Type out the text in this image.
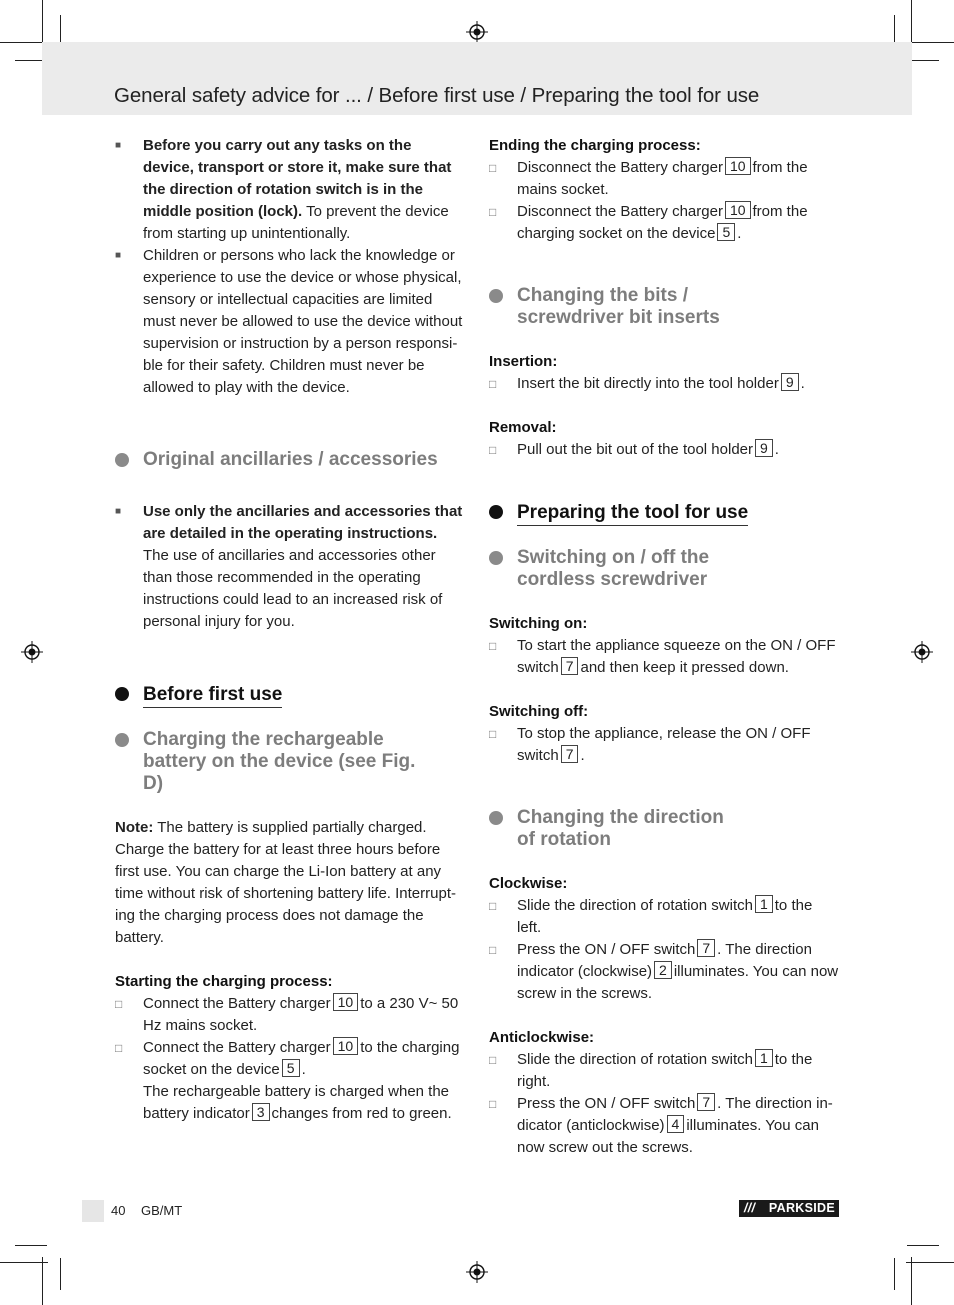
General safety advice for ... / Before first use / Preparing the tool for use
■ Before you carry out any tasks on the device, transport or store it, make sure that the direction of rotation switch is in the middle position (lock). To prevent the device from starting up unintentionally.
■ Children or persons who lack the knowledge or experience to use the device or whose physical, sensory or intellectual capacities are limited must never be allowed to use the device without supervision or instruction by a person responsible for their safety. Children must never be allowed to play with the device.
Original ancillaries / accessories
■ Use only the ancillaries and accessories that are detailed in the operating instructions. The use of ancillaries and accessories other than those recommended in the operating instructions could lead to an increased risk of personal injury for you.
Before first use
Charging the rechargeable battery on the device (see Fig. D)
Note: The battery is supplied partially charged. Charge the battery for at least three hours before first use. You can charge the Li-Ion battery at any time without risk of shortening battery life. Interrupting the charging process does not damage the battery.
Starting the charging process:
□ Connect the Battery charger 10 to a 230 V~ 50 Hz mains socket.
□ Connect the Battery charger 10 to the charging socket on the device 5 .
The rechargeable battery is charged when the battery indicator 3 changes from red to green.
Ending the charging process:
□ Disconnect the Battery charger 10 from the mains socket.
□ Disconnect the Battery charger 10 from the charging socket on the device 5 .
Changing the bits / screwdriver bit inserts
Insertion:
□ Insert the bit directly into the tool holder 9 .
Removal:
□ Pull out the bit out of the tool holder 9 .
Preparing the tool for use
Switching on / off the cordless screwdriver
Switching on:
□ To start the appliance squeeze on the ON / OFF switch 7 and then keep it pressed down.
Switching off:
□ To stop the appliance, release the ON / OFF switch 7 .
Changing the direction of rotation
Clockwise:
□ Slide the direction of rotation switch 1 to the left.
□ Press the ON / OFF switch 7 . The direction indicator (clockwise) 2 illuminates. You can now screw in the screws.
Anticlockwise:
□ Slide the direction of rotation switch 1 to the right.
□ Press the ON / OFF switch 7 . The direction indicator (anticlockwise) 4 illuminates. You can now screw out the screws.
40 GB/MT	/// PARKSIDE
